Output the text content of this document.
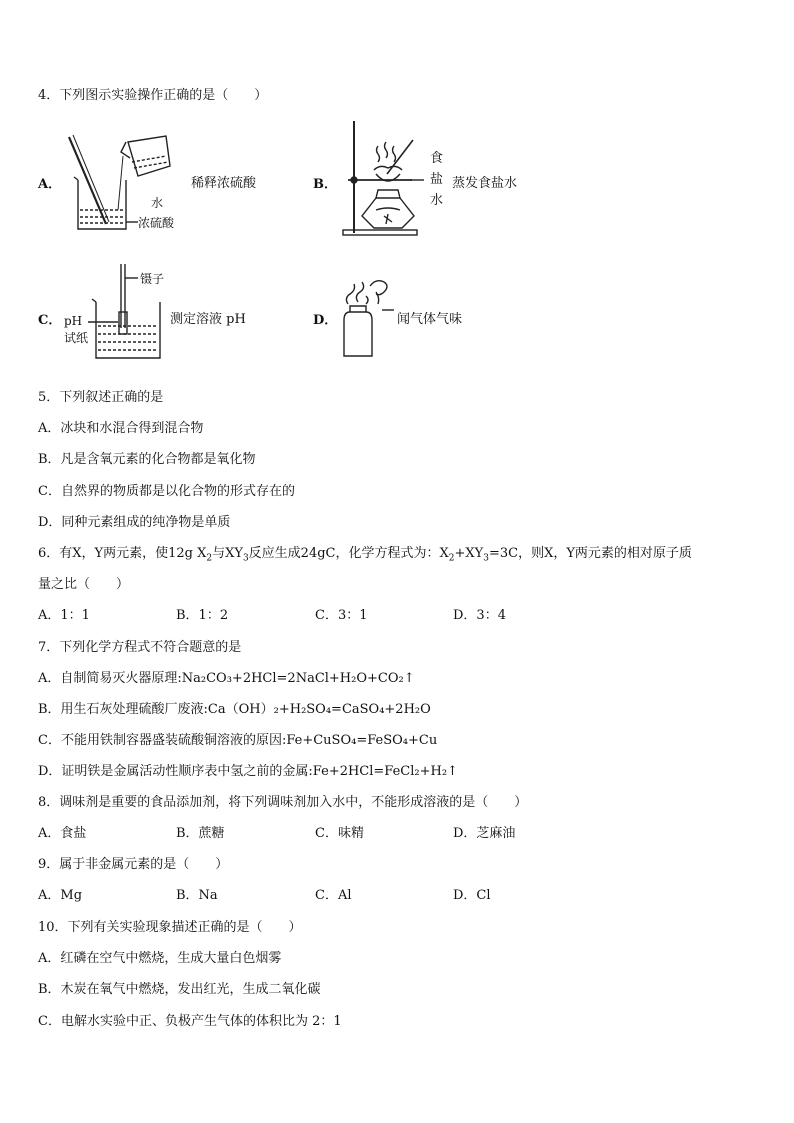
4．下列图示实验操作正确的是（　　）
A．
水
浓硫酸
稀释浓硫酸	B．
食
盐
水
蒸发食盐水
C．
镊子
pH
试纸
测定溶液 pH	D．	闻气体气味
5．下列叙述正确的是
A．冰块和水混合得到混合物
B．凡是含氧元素的化合物都是氧化物
C．自然界的物质都是以化合物的形式存在的
D．同种元素组成的纯净物是单质
6．有X，Y两元素，使12g $X_2$与$XY_3$反应生成24gC，化学方程式为：$X_2+XY_3=3C$，则X，Y两元素的相对原子质
量之比（　　）
A．1：1	B．1：2	C．3：1	D．3：4
7．下列化学方程式不符合题意的是
A．自制简易灭火器原理:Na₂CO₃+2HCl=2NaCl+H₂O+CO₂↑
B．用生石灰处理硫酸厂废液:Ca（OH）₂+H₂SO₄=CaSO₄+2H₂O
C．不能用铁制容器盛装硫酸铜溶液的原因:Fe+CuSO₄=FeSO₄+Cu
D．证明铁是金属活动性顺序表中氢之前的金属:Fe+2HCl=FeCl₂+H₂↑
8．调味剂是重要的食品添加剂，将下列调味剂加入水中，不能形成溶液的是（　　）
A．食盐	B．蔗糖	C．味精	D．芝麻油
9．属于非金属元素的是（　　）
A．Mg	B．Na	C．Al	D．Cl
10．下列有关实验现象描述正确的是（　　）
A．红磷在空气中燃烧，生成大量白色烟雾
B．木炭在氧气中燃烧，发出红光，生成二氧化碳
C．电解水实验中正、负极产生气体的体积比为 2：1
